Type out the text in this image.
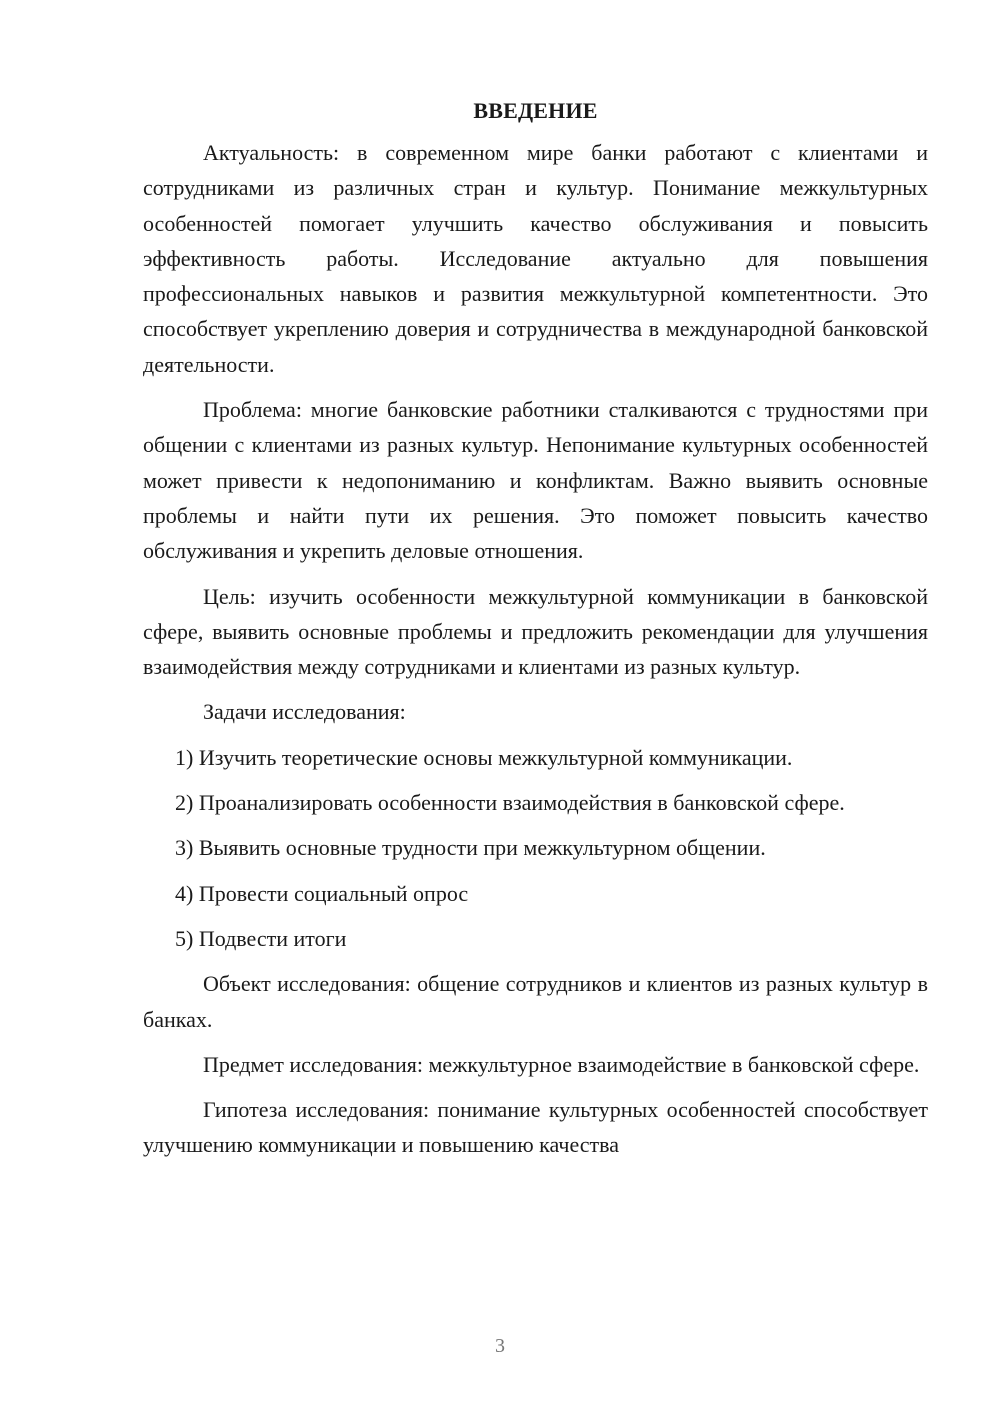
ВВЕДЕНИЕ

Актуальность: в современном мире банки работают с клиентами и сотрудниками из различных стран и культур. Понимание межкультурных особенностей помогает улучшить качество обслуживания и повысить эффективность работы. Исследование актуально для повышения профессиональных навыков и развития межкультурной компетентности. Это способствует укреплению доверия и сотрудничества в международной банковской деятельности.

Проблема: многие банковские работники сталкиваются с трудностями при общении с клиентами из разных культур. Непонимание культурных особенностей может привести к недопониманию и конфликтам. Важно выявить основные проблемы и найти пути их решения. Это поможет повысить качество обслуживания и укрепить деловые отношения.

Цель: изучить особенности межкультурной коммуникации в банковской сфере, выявить основные проблемы и предложить рекомендации для улучшения взаимодействия между сотрудниками и клиентами из разных культур.

Задачи исследования:

1) Изучить теоретические основы межкультурной коммуникации.

2) Проанализировать особенности взаимодействия в банковской сфере.

3) Выявить основные трудности при межкультурном общении.

4) Провести социальный опрос

5) Подвести итоги

Объект исследования: общение сотрудников и клиентов из разных культур в банках.

Предмет исследования: межкультурное взаимодействие в банковской сфере.

Гипотеза исследования: понимание культурных особенностей способствует улучшению коммуникации и повышению качества

3
